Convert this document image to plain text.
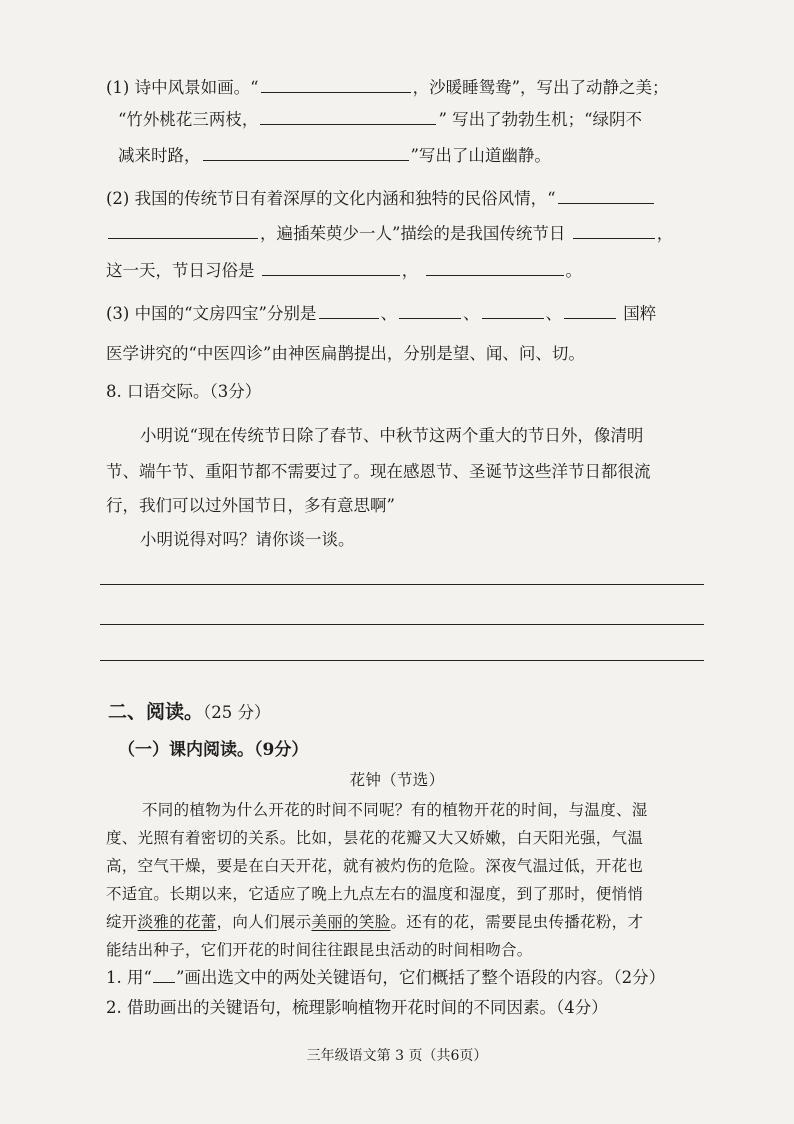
(1) 诗中风景如画。“	，沙暖睡鸳鸯”，写出了动静之美；
“竹外桃花三两枝，	” 写出了勃勃生机；“绿阴不
减来时路，	”写出了山道幽静。
(2) 我国的传统节日有着深厚的文化内涵和独特的民俗风情，“
，遍插茱萸少一人”描绘的是我国传统节日	，
这一天，节日习俗是	，	。
(3) 中国的“文房四宝”分别是	、	、	、	国粹
医学讲究的“中医四诊”由神医扁鹊提出，分别是望、闻、问、切。
8. 口语交际。（3分）
小明说“现在传统节日除了春节、中秋节这两个重大的节日外，像清明
节、端午节、重阳节都不需要过了。现在感恩节、圣诞节这些洋节日都很流
行，我们可以过外国节日，多有意思啊”
小明说得对吗？请你谈一谈。
二、阅读。（25 分）
（一）课内阅读。（9分）
花钟（节选）
不同的植物为什么开花的时间不同呢？有的植物开花的时间，与温度、湿
度、光照有着密切的关系。比如，昙花的花瓣又大又娇嫩，白天阳光强，气温
高，空气干燥，要是在白天开花，就有被灼伤的危险。深夜气温过低，开花也
不适宜。长期以来，它适应了晚上九点左右的温度和湿度，到了那时，便悄悄
绽开淡雅的花蕾，向人们展示美丽的笑脸。还有的花，需要昆虫传播花粉，才
能结出种子，它们开花的时间往往跟昆虫活动的时间相吻合。
1. 用“ ”画出选文中的两处关键语句，它们概括了整个语段的内容。（2分）
2. 借助画出的关键语句，梳理影响植物开花时间的不同因素。（4分）
三年级语文第 3 页（共6页）
